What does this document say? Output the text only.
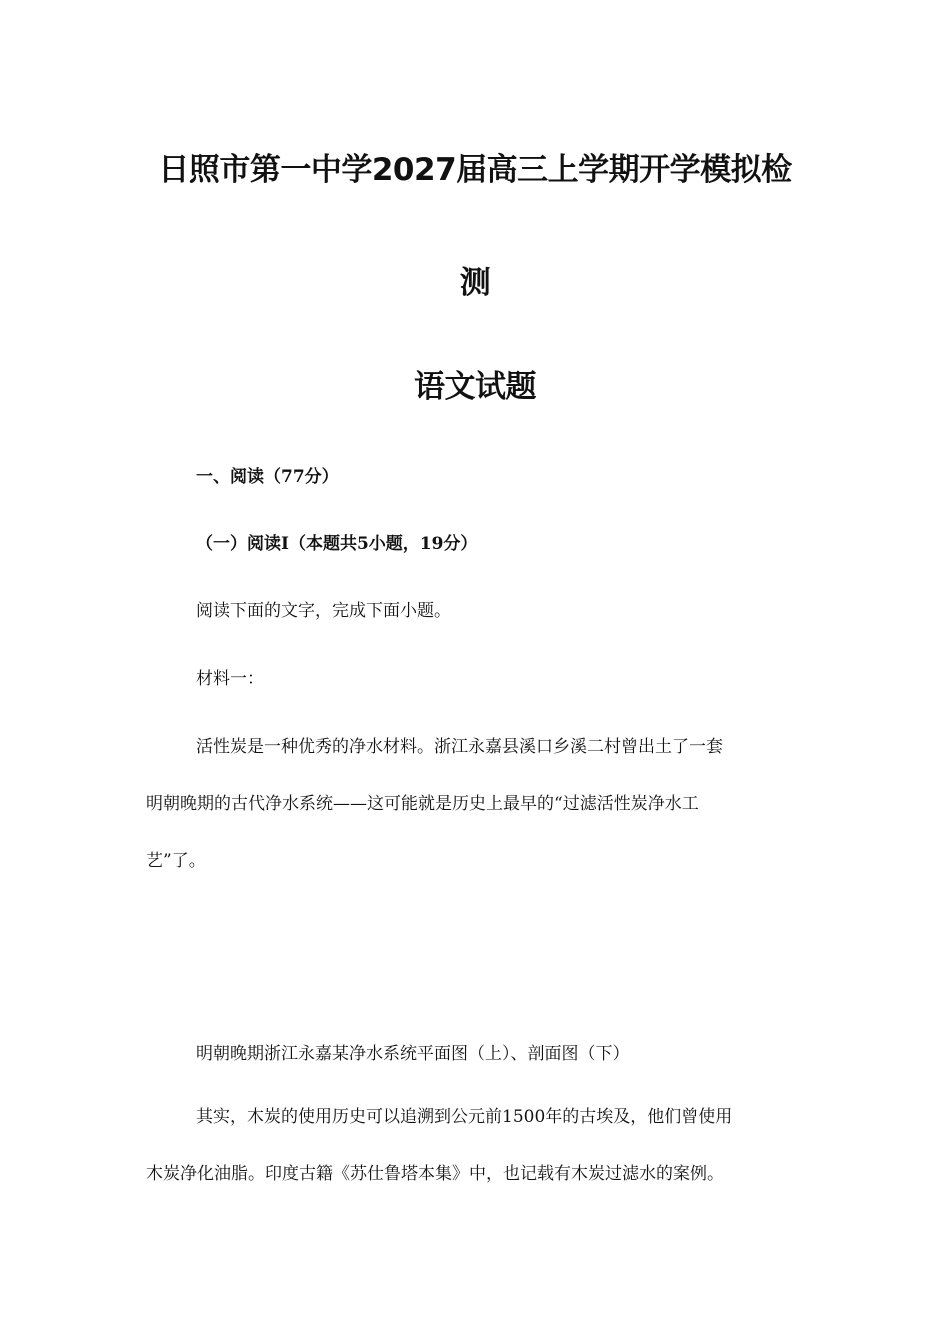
日照市第一中学2027届高三上学期开学模拟检
测
语文试题
一、阅读（77分）
（一）阅读Ⅰ（本题共5小题，19分）
阅读下面的文字，完成下面小题。
材料一：
活性炭是一种优秀的净水材料。浙江永嘉县溪口乡溪二村曾出土了一套
明朝晚期的古代净水系统——这可能就是历史上最早的“过滤活性炭净水工
艺”了。
明朝晚期浙江永嘉某净水系统平面图（上）、剖面图（下）
其实，木炭的使用历史可以追溯到公元前1500年的古埃及，他们曾使用
木炭净化油脂。印度古籍《苏仕鲁塔本集》中，也记载有木炭过滤水的案例。
